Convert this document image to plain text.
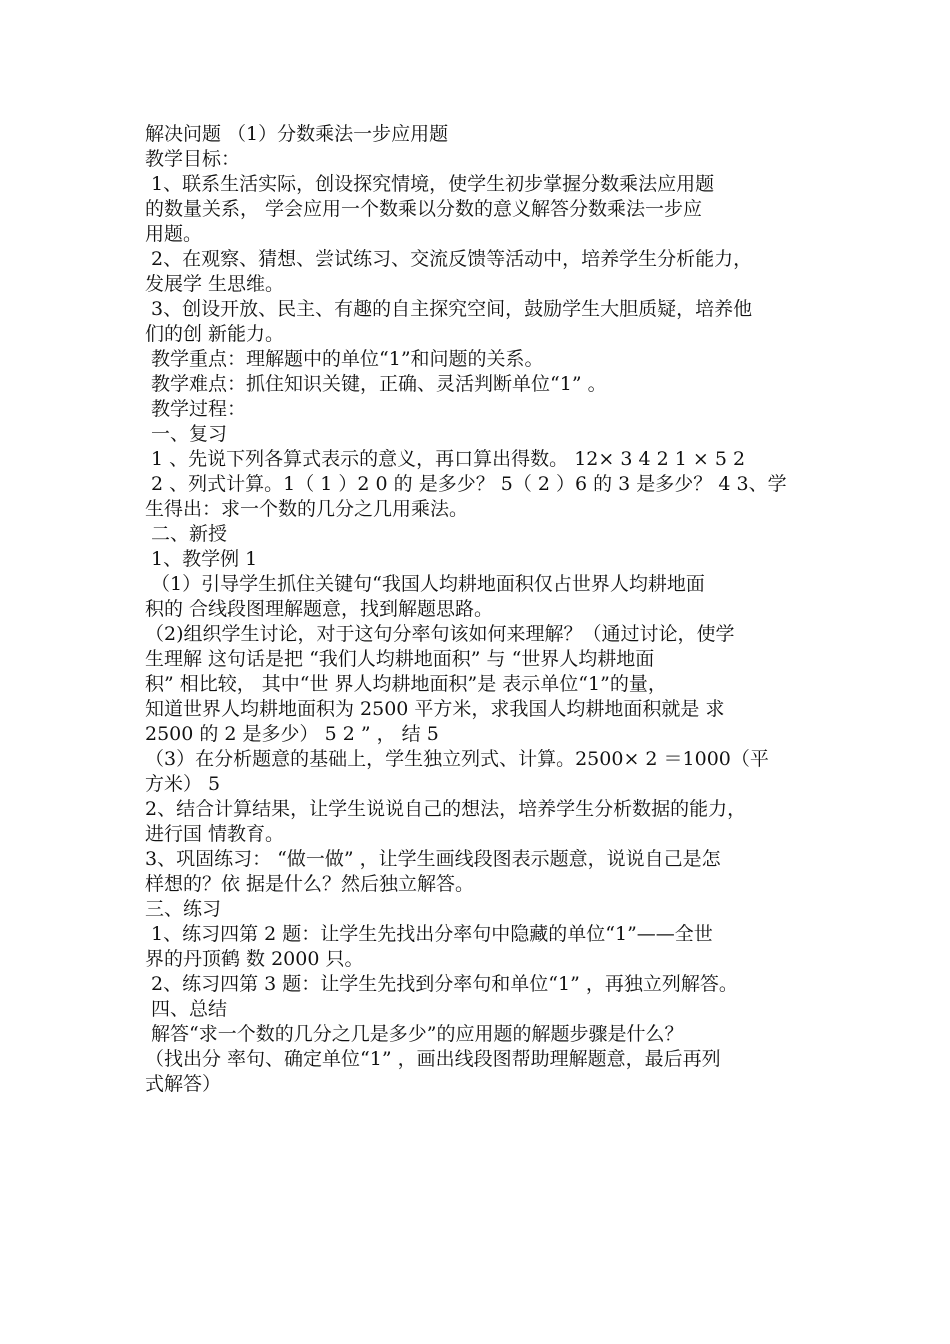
解决问题 （1）分数乘法一步应用题

教学目标：

1、联系生活实际，创设探究情境，使学生初步掌握分数乘法应用题

的数量关系， 学会应用一个数乘以分数的意义解答分数乘法一步应

用题。

2、在观察、猜想、尝试练习、交流反馈等活动中，培养学生分析能力，

发展学 生思维。

3、创设开放、民主、有趣的自主探究空间，鼓励学生大胆质疑，培养他

们的创 新能力。

教学重点：理解题中的单位“1”和问题的关系。

教学难点：抓住知识关键，正确、灵活判断单位“1” 。

教学过程：

一、复习

1 、先说下列各算式表示的意义，再口算出得数。 12× 3 4 2 1 × 5 2

2 、列式计算。1（ 1 ）2 0 的 是多少？ 5（ 2 ）6 的 3 是多少？ 4 3、学

生得出：求一个数的几分之几用乘法。

二、新授

1、教学例 1

（1）引导学生抓住关键句“我国人均耕地面积仅占世界人均耕地面

积的 合线段图理解题意，找到解题思路。

（2)组织学生讨论，对于这句分率句该如何来理解？（通过讨论，使学

生理解 这句话是把 “我们人均耕地面积” 与 “世界人均耕地面

积” 相比较， 其中“世 界人均耕地面积”是 表示单位“1”的量，

知道世界人均耕地面积为 2500 平方米，求我国人均耕地面积就是 求

2500 的 2 是多少） 5 2 ” ， 结 5

（3）在分析题意的基础上，学生独立列式、计算。2500× 2 ＝1000（平

方米） 5

2、结合计算结果，让学生说说自己的想法，培养学生分析数据的能力，

进行国 情教育。

3、巩固练习： “做一做” ，让学生画线段图表示题意，说说自己是怎

样想的？依 据是什么？然后独立解答。

三、练习

1、练习四第 2 题：让学生先找出分率句中隐藏的单位“1”——全世

界的丹顶鹤 数 2000 只。

2、练习四第 3 题：让学生先找到分率句和单位“1” ，再独立列解答。

四、总结

解答“求一个数的几分之几是多少”的应用题的解题步骤是什么？

（找出分 率句、确定单位“1” ，画出线段图帮助理解题意，最后再列

式解答）
